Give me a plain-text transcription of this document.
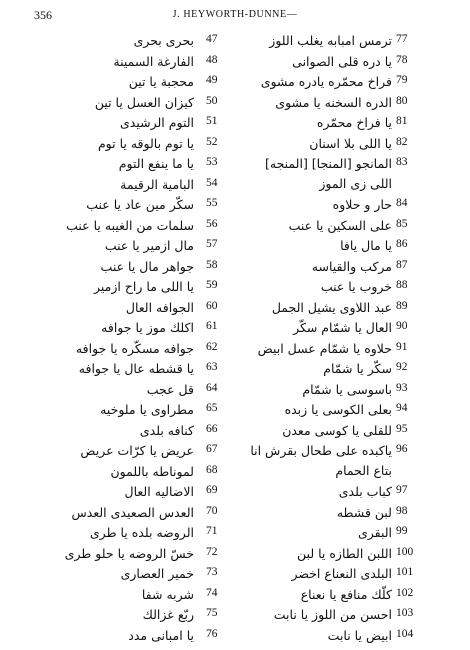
356	J. HEYWORTH-DUNNE—
بحرى بحرى 47
الفارغة السمينة 48
محجبة يا تين 49
كيزان العسل يا تين 50
التوم الرشيدى 51
يا توم بالوقه يا توم 52
يا ما ينفع التوم 53
البامية الرقيمة 54
سكّر مين عاد يا عنب 55
سلمات من الغيبه يا عنب 56
مال ازمير يا عنب 57
جواهر مال يا عنب 58
يا اللى ما راح ازمير 59
الجوافه العال 60
اكلك موز يا جوافه 61
جوافه مسكّره يا جوافه 62
يا قشطه عال يا جوافه 63
قل عجب 64
مطراوى يا ملوخيه 65
كنافه بلدى 66
عريض يا كرّات عريض 67
لموناطه باللمون 68
الاضاليه العال 69
العدس الصعيدى العدس 70
الروضه بلده يا طرى 71
خسّ الروضه يا حلو طرى 72
خمير العصارى 73
شربه شفا 74
ربّع غزالك 75
يا امبانى مدد 76
ترمس امبابه يغلب اللوز 77
يا دره قلى الصوانى 78
فراخ محمّره يادره مشوى 79
الدره السخنه يا مشوى 80
يا فراخ محمّره 81
يا اللى بلا اسنان 82
المانجو [المنجا] [المنجه] اللى زى الموز
83
حار و حلاوه 84
على السكين يا عنب 85
يا مال يافا 86
مركب والقياسه 87
خروب يا عنب 88
عبد اللاوى يشيل الجمل 89
العال يا شمّام سكّر 90
حلاوه يا شمّام عسل ابيض 91
سكّر يا شمّام 92
باسوسى يا شمّام 93
بعلى الكوسى يا زبده 94
للقلى يا كوسى معدن 95
ياكبده على طحال بقرش انا بتاع الحمام
96
كباب بلدى 97
لبن قشطه 98
البقرى 99
اللبن الطازه يا لبن 100
البلدى النعناع اخضر 101
كلّك منافع يا نعناع 102
احسن من اللوز يا نابت 103
ابيض يا نابت 104
